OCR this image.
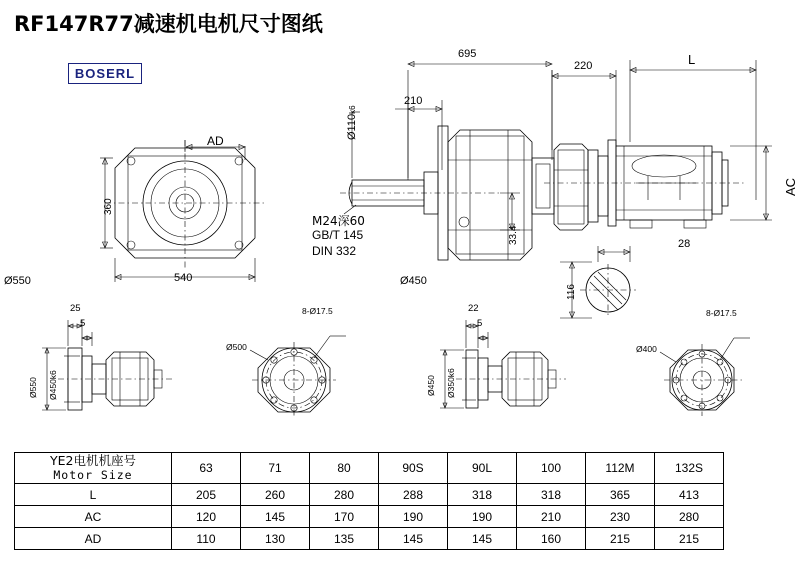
RF147R77减速机电机尺寸图纸
BOSERL
695
220	L
210
Ø110k6
M24深60
GB/T 145
DIN 332
33.4
AC
28
116
AD
360
540
Ø550	Ø450
25
5
Ø550 Ø450k6
8-Ø17.5
Ø500
22
5
Ø450 Ø350k6
8-Ø17.5
Ø400
YE2电机机座号
Motor Size	63	71	80	90S	90L	100	112M	132S
L	205	260	280	288	318	318	365	413
AC	120	145	170	190	190	210	230	280
AD	110	130	135	145	145	160	215	215
